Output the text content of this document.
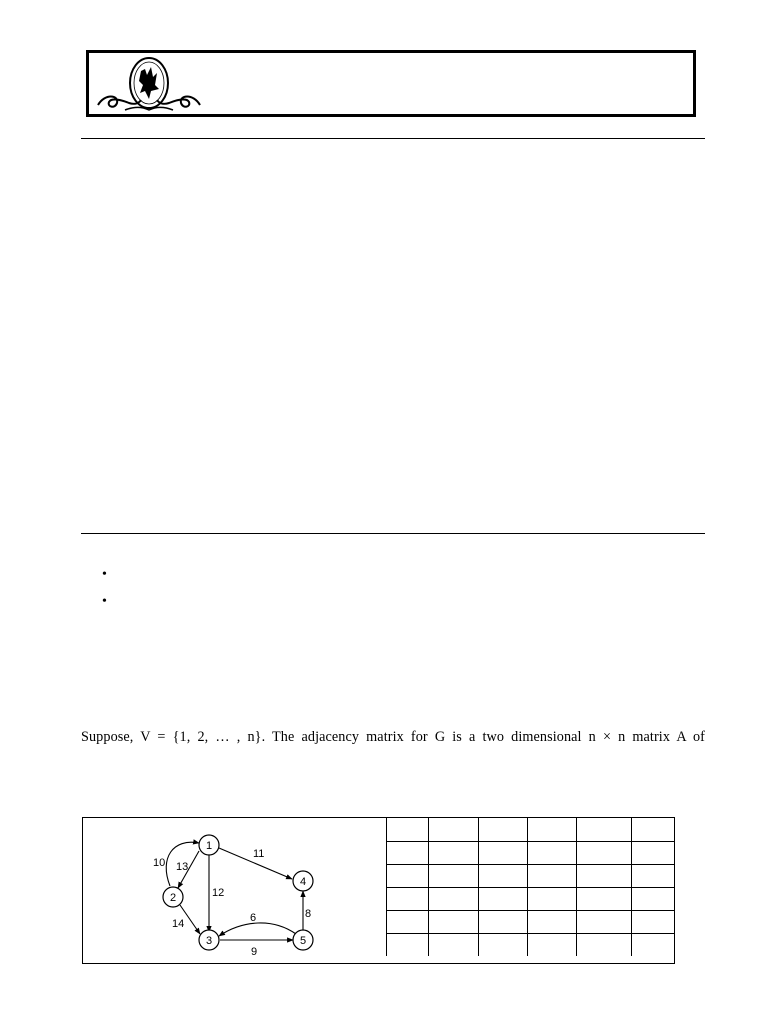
•
•

Suppose, V = {1, 2, … , n}. The adjacency matrix for G is a two dimensional n × n matrix A of

1
2
3
4
5
10 13
12
11
14
9
6	8
